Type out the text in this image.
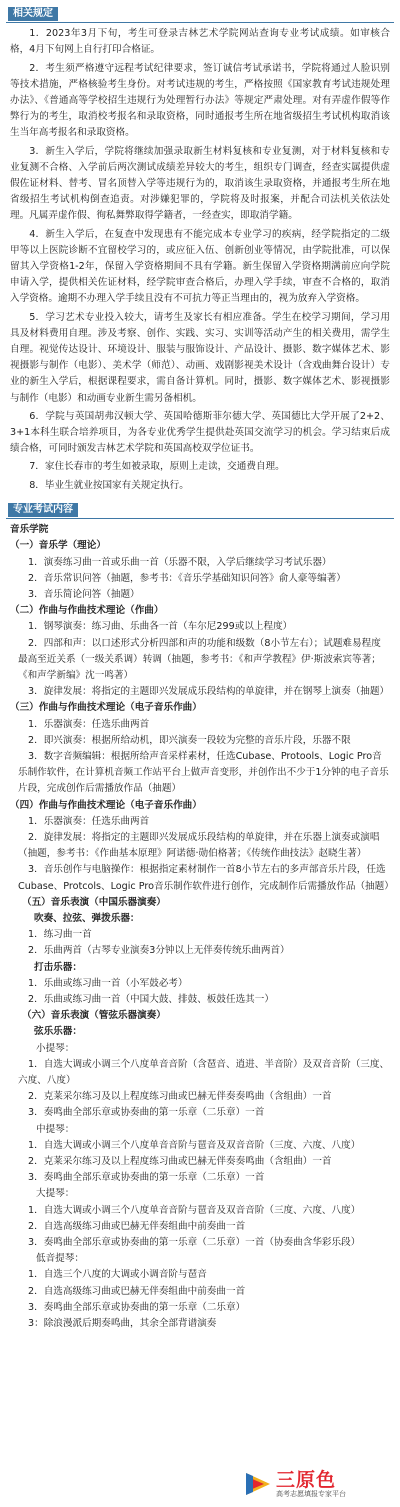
相关规定
1．2023年3月下旬，考生可登录吉林艺术学院网站查询专业考试成绩。如审核合格，4月下旬网上自行打印合格证。
2．考生须严格遵守远程考试纪律要求，签订诚信考试承诺书，学院将通过人脸识别等技术措施，严格核验考生身份。对考试违规的考生，严格按照《国家教育考试违规处理办法》、《普通高等学校招生违规行为处理暂行办法》等规定严肃处理。对有弄虚作假等作弊行为的考生，取消校考报名和录取资格，同时通报考生所在地省级招生考试机构取消该生当年高考报名和录取资格。
3．新生入学后，学院将继续加强录取新生材料复核和专业复测，对于材料复核和专业复测不合格、入学前后两次测试成绩差异较大的考生，组织专门调查，经查实属提供虚假佐证材料、替考、冒名顶替入学等违规行为的，取消该生录取资格，并通报考生所在地省级招生考试机构倒查追责。对涉嫌犯罪的，学院将及时报案，并配合司法机关依法处理。凡属弄虚作假、徇私舞弊取得学籍者，一经查实，即取消学籍。
4．新生入学后，在复查中发现患有不能完成本专业学习的疾病，经学院指定的二级甲等以上医院诊断不宜留校学习的，或应征入伍、创新创业等情况，由学院批准，可以保留其入学资格1-2年，保留入学资格期间不具有学籍。新生保留入学资格期满前应向学院申请入学，提供相关佐证材料，经学院审查合格后，办理入学手续，审查不合格的，取消入学资格。逾期不办理入学手续且没有不可抗力等正当理由的，视为放弃入学资格。
5．学习艺术专业投入较大，请考生及家长有相应准备。学生在校学习期间，学习用具及材料费用自理。涉及考察、创作、实践、实习、实训等活动产生的相关费用，需学生自理。视觉传达设计、环境设计、服装与服饰设计、产品设计、摄影、数字媒体艺术、影视摄影与制作（电影）、美术学（师范）、动画、戏剧影视美术设计（含戏曲舞台设计）专业的新生入学后，根据课程要求，需自备计算机。同时，摄影、数字媒体艺术、影视摄影与制作（电影）和动画专业新生需另备相机。
6．学院与英国胡弗汉顿大学、英国哈德斯菲尔德大学、英国德比大学开展了2+2、3+1本科生联合培养项目，为各专业优秀学生提供赴英国交流学习的机会。学习结束后成绩合格，可同时颁发吉林艺术学院和英国高校双学位证书。
7．家住长春市的考生如被录取，原则上走读，交通费自理。
8．毕业生就业按国家有关规定执行。
专业考试内容
音乐学院
（一）音乐学（理论）
1．演奏练习曲一首或乐曲一首（乐器不限，入学后继续学习考试乐器）
2．音乐常识问答（抽题，参考书：《音乐学基础知识问答》俞人豪等编著）
3．音乐简论问答（抽题）
（二）作曲与作曲技术理论（作曲）
1．钢琴演奏：练习曲、乐曲各一首（车尔尼299或以上程度）
2．四部和声：以口述形式分析四部和声的功能和级数（8小节左右）；试题难易程度最高至近关系（一级关系调）转调（抽题，参考书：《和声学教程》伊·斯波索宾等著；《和声学新编》沈一鸣著）
3．旋律发展：将指定的主题即兴发展成乐段结构的单旋律，并在钢琴上演奏（抽题）
（三）作曲与作曲技术理论（电子音乐作曲）
1．乐器演奏：任选乐曲两首
2．即兴演奏：根据所给动机，即兴演奏一段较为完整的音乐片段，乐器不限
3．数字音频编辑：根据所给声音采样素材，任选Cubase、Protools、Logic Pro音乐制作软件，在计算机音频工作站平台上做声音变形，并创作出不少于1分钟的电子音乐片段，完成创作后需播放作品（抽题）
（四）作曲与作曲技术理论（电子音乐作曲）
1．乐器演奏：任选乐曲两首
2．旋律发展：将指定的主题即兴发展成乐段结构的单旋律，并在乐器上演奏或演唱（抽题，参考书：《作曲基本原理》阿诺德·勋伯格著；《传统作曲技法》赵晓生著）
3．音乐创作与电脑操作：根据指定素材制作一首8小节左右的多声部音乐片段，任选Cubase、Protcols、Logic Pro音乐制作软件进行创作，完成制作后需播放作品（抽题）
（五）音乐表演（中国乐器演奏）
吹奏、拉弦、弹拨乐器：
1．练习曲一首
2．乐曲两首（古琴专业演奏3分钟以上无伴奏传统乐曲两首）
打击乐器：
1．乐曲或练习曲一首（小军鼓必考）
2．乐曲或练习曲一首（中国大鼓、排鼓、板鼓任选其一）
（六）音乐表演（管弦乐器演奏）
弦乐乐器：
小提琴：
1．自选大调或小调三个八度单音音阶（含琶音、逍进、半音阶）及双音音阶（三度、六度、八度）
2．克莱采尔练习及以上程度练习曲或巴赫无伴奏奏鸣曲（含组曲）一首
3．奏鸣曲全部乐章或协奏曲的第一乐章（二乐章）一首
中提琴：
1．自选大调或小调三个八度单音音阶与琶音及双音音阶（三度、六度、八度）
2．克莱采尔练习及以上程度练习曲或巴赫无伴奏奏鸣曲（含组曲）一首
3．奏鸣曲全部乐章或协奏曲的第一乐章（二乐章）一首
大提琴：
1．自选大调或小调三个八度单音音阶与琶音及双音音阶（三度、六度、八度）
2．自选高级练习曲或巴赫无伴奏组曲中前奏曲一首
3．奏鸣曲全部乐章或协奏曲的第一乐章（二乐章）一首（协奏曲含华彩乐段）
低音提琴：
1．自选三个八度的大调或小调音阶与琶音
2．自选高级练习曲或巴赫无伴奏组曲中前奏曲一首
3．奏鸣曲全部乐章或协奏曲的第一乐章（二乐章）
3：除浪漫派后期奏鸣曲，其余全部背谱演奏
三原色
高考志愿填报专家平台
